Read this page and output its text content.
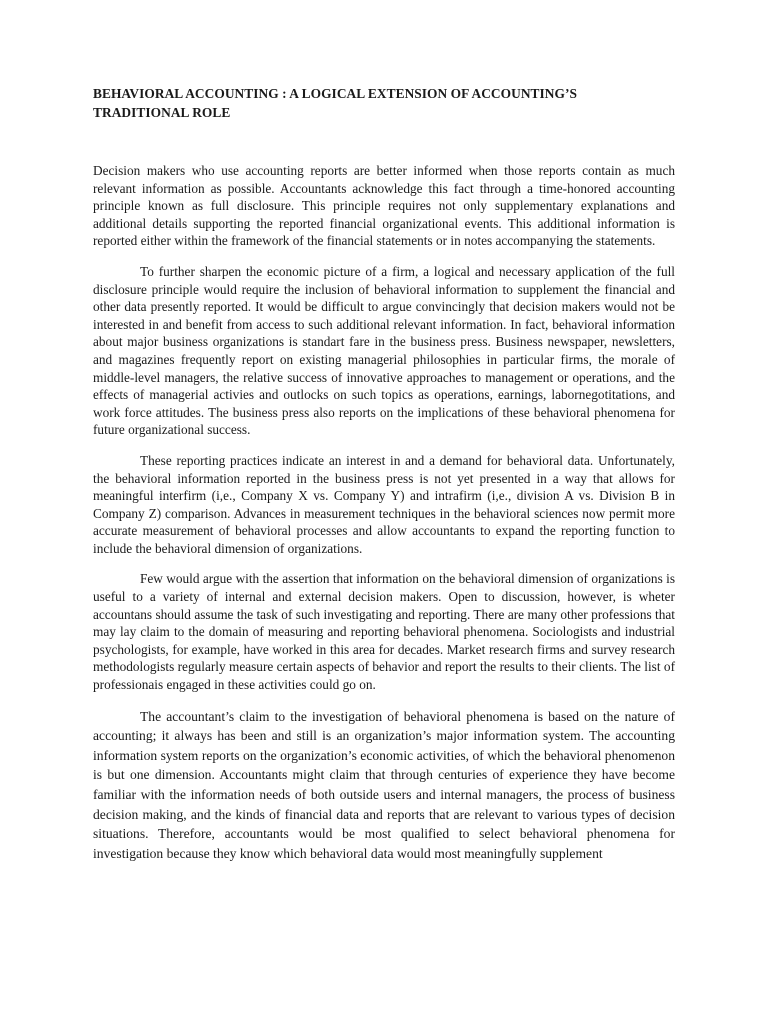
BEHAVIORAL ACCOUNTING : A LOGICAL EXTENSION OF ACCOUNTING’S TRADITIONAL ROLE

Decision makers who use accounting reports are better informed when those reports contain as much relevant information as possible. Accountants acknowledge this fact through a time-honored accounting principle known as full disclosure. This principle requires not only supplementary explanations and additional details supporting the reported financial organizational events. This additional information is reported either within the framework of the financial statements or in notes accompanying the statements.

To further sharpen the economic picture of a firm, a logical and necessary application of the full disclosure principle would require the inclusion of behavioral information to supplement the financial and other data presently reported. It would be difficult to argue convincingly that decision makers would not be interested in and benefit from access to such additional relevant information. In fact, behavioral information about major business organizations is standart fare in the business press. Business newspaper, newsletters, and magazines frequently report on existing managerial philosophies in particular firms, the morale of middle-level managers, the relative success of innovative approaches to management or operations, and the effects of managerial activies and outlocks on such topics as operations, earnings, labornegotitations, and work force attitudes. The business press also reports on the implications of these behavioral phenomena for future organizational success.

These reporting practices indicate an interest in and a demand for behavioral data. Unfortunately, the behavioral information reported in the business press is not yet presented in a way that allows for meaningful interfirm (i,e., Company X vs. Company Y) and intrafirm (i,e., division A vs. Division B in Company Z) comparison. Advances in measurement techniques in the behavioral sciences now permit more accurate measurement of behavioral processes and allow accountants to expand the reporting function to include the behavioral dimension of organizations.

Few would argue with the assertion that information on the behavioral dimension of organizations is useful to a variety of internal and external decision makers. Open to discussion, however, is wheter accountans should assume the task of such investigating and reporting. There are many other professions that may lay claim to the domain of measuring and reporting behavioral phenomena. Sociologists and industrial psychologists, for example, have worked in this area for decades. Market research firms and survey research methodologists regularly measure certain aspects of behavior and report the results to their clients. The list of professionais engaged in these activities could go on.

The accountant’s claim to the investigation of behavioral phenomena is based on the nature of accounting; it always has been and still is an organization’s major information system. The accounting information system reports on the organization’s economic activities, of which the behavioral phenomenon is but one dimension. Accountants might claim that through centuries of experience they have become familiar with the information needs of both outside users and internal managers, the process of business decision making, and the kinds of financial data and reports that are relevant to various types of decision situations. Therefore, accountants would be most qualified to select behavioral phenomena for investigation because they know which behavioral data would most meaningfully supplement
